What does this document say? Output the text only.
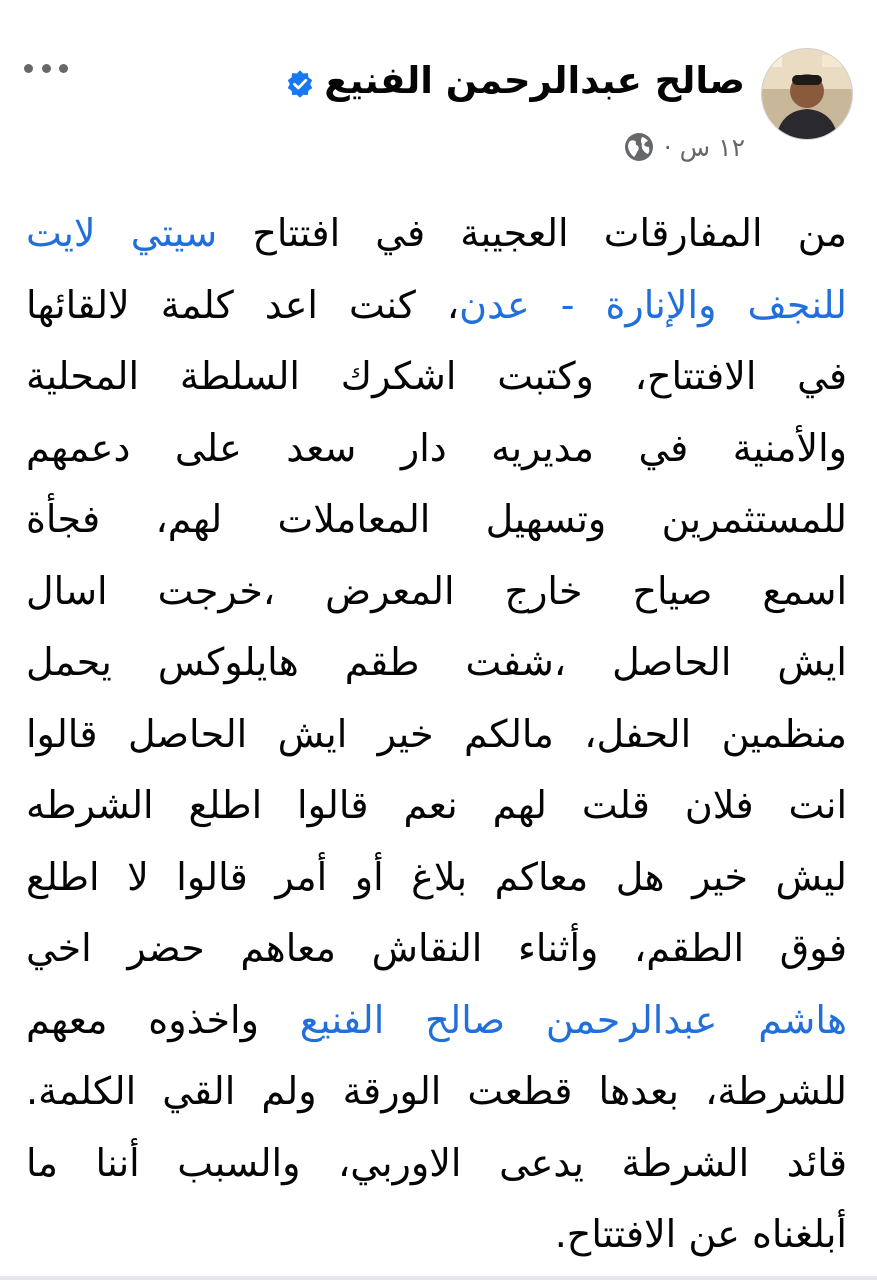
صالح عبدالرحمن الفنيع
١٢ س ·
من المفارقات العجيبة في افتتاح سيتي لايت
للنجف والإنارة - عدن، كنت اعد كلمة لالقائها
في الافتتاح، وكتبت اشكرك السلطة المحلية
والأمنية في مديريه دار سعد على دعمهم
للمستثمرين وتسهيل المعاملات لهم، فجأة
اسمع صياح خارج المعرض ،خرجت اسال
ايش الحاصل ،شفت طقم هايلوكس يحمل
منظمين الحفل، مالكم خير ايش الحاصل قالوا
انت فلان قلت لهم نعم قالوا اطلع الشرطه
ليش خير هل معاكم بلاغ أو أمر قالوا لا اطلع
فوق الطقم، وأثناء النقاش معاهم حضر اخي
هاشم عبدالرحمن صالح الفنيع واخذوه معهم
للشرطة، بعدها قطعت الورقة ولم القي الكلمة.
قائد الشرطة يدعى الاوربي، والسبب أننا ما
أبلغناه عن الافتتاح.
